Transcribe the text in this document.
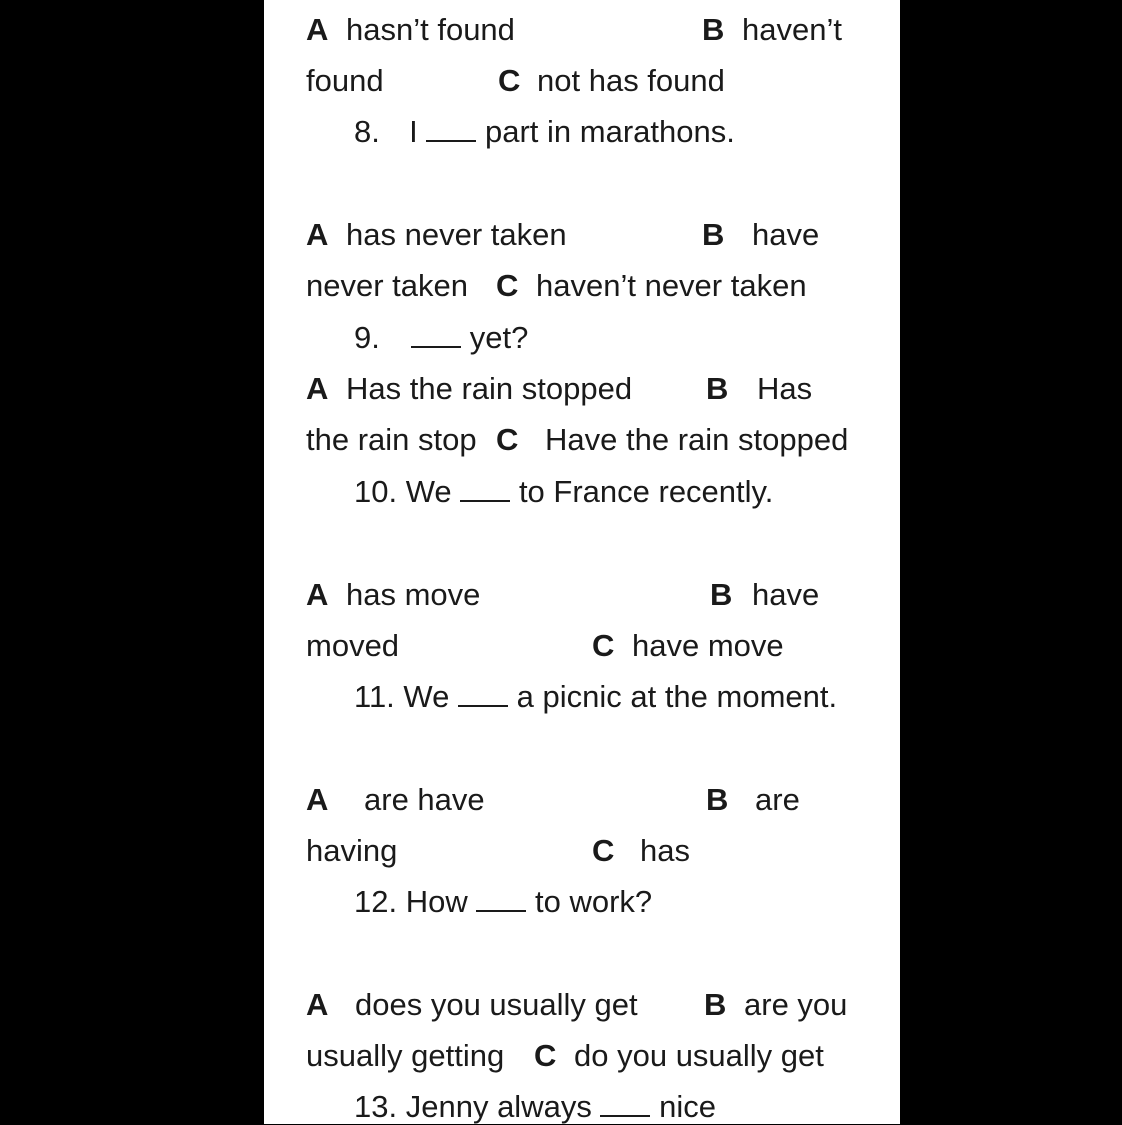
A hasn’t found	B haven’t
found	C not has found
8. I part in marathons.
A has never taken	B have
never taken C haven’t never taken
9.	yet?
A Has the rain stopped B Has
the rain stop C Have the rain stopped
10. We to France recently.
A has move	B have
moved	C have move
11. We a picnic at the moment.
A are have	B are
having	C has
12. How to work?
A does you usually get B are you
usually getting C do you usually get
13. Jenny always nice
